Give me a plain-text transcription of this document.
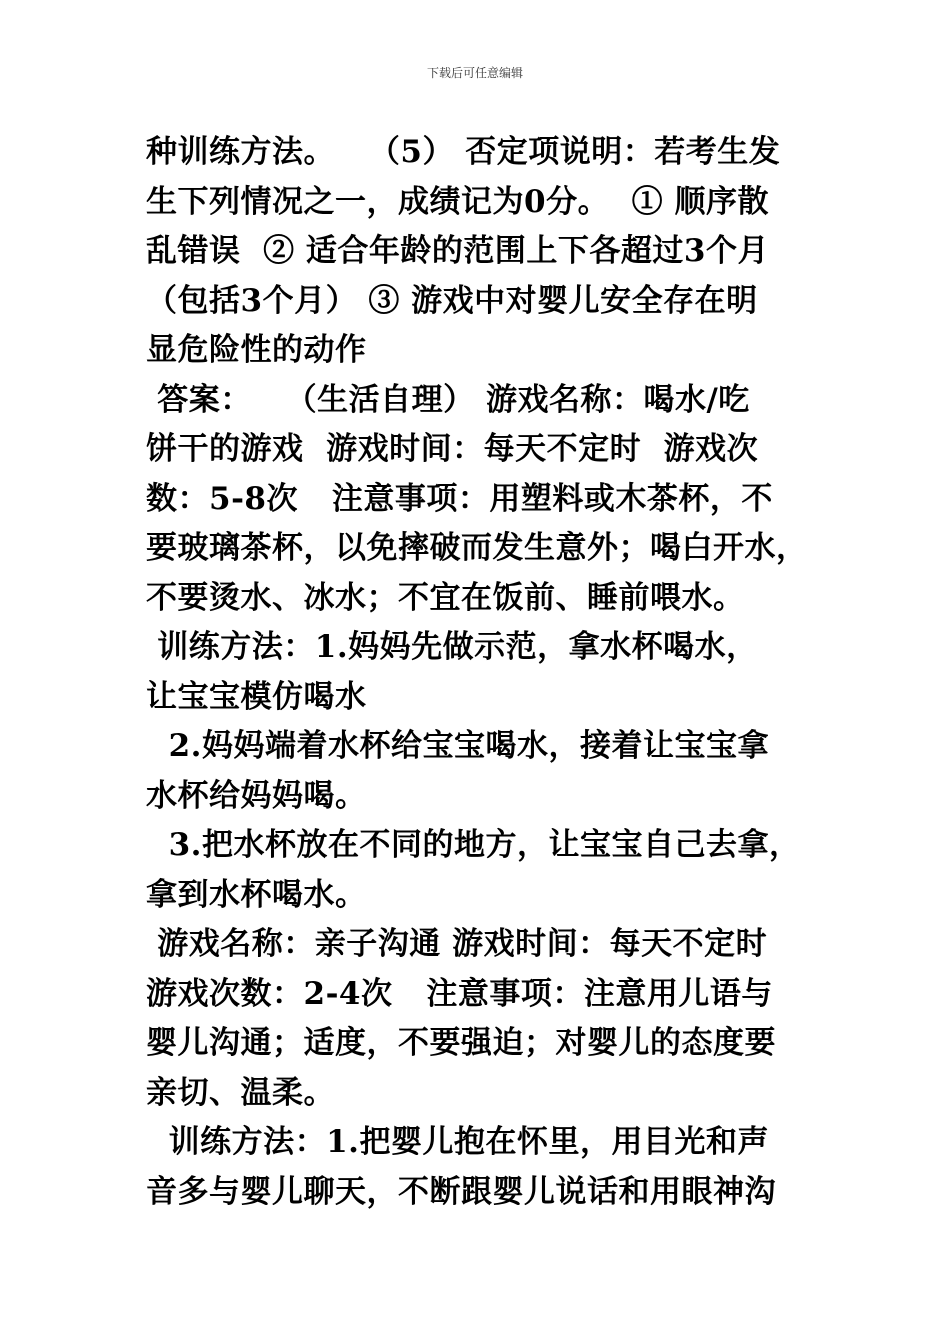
下载后可任意编辑
种训练方法。   （5） 否定项说明：若考生发
生下列情况之一，成绩记为0分。  ① 顺序散
乱错误  ② 适合年龄的范围上下各超过3个月
（包括3个月） ③ 游戏中对婴儿安全存在明
显危险性的动作
答案：   （生活自理） 游戏名称：喝水/吃
饼干的游戏  游戏时间：每天不定时  游戏次
数：5-8次   注意事项：用塑料或木茶杯，不
要玻璃茶杯，以免摔破而发生意外；喝白开水，
不要烫水、冰水；不宜在饭前、睡前喂水。
训练方法：1.妈妈先做示范，拿水杯喝水，
让宝宝模仿喝水
2.妈妈端着水杯给宝宝喝水，接着让宝宝拿
水杯给妈妈喝。
3.把水杯放在不同的地方，让宝宝自己去拿，
拿到水杯喝水。
游戏名称：亲子沟通 游戏时间：每天不定时
游戏次数：2-4次   注意事项：注意用儿语与
婴儿沟通；适度，不要强迫；对婴儿的态度要
亲切、温柔。
训练方法：1.把婴儿抱在怀里，用目光和声
音多与婴儿聊天，不断跟婴儿说话和用眼神沟
